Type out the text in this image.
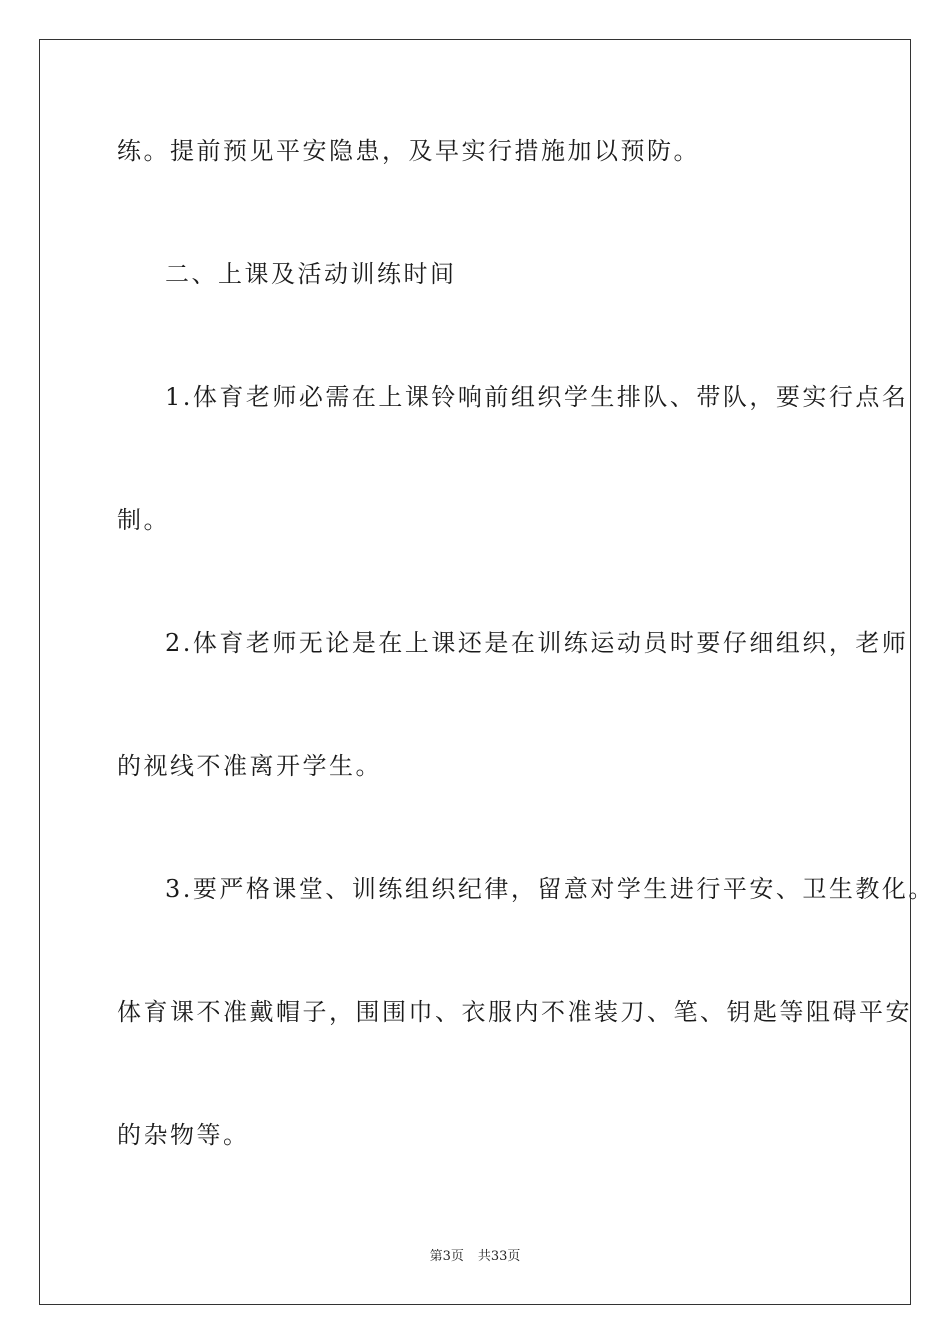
练。提前预见平安隐患，及早实行措施加以预防。
二、上课及活动训练时间
1.体育老师必需在上课铃响前组织学生排队、带队，要实行点名
制。
2.体育老师无论是在上课还是在训练运动员时要仔细组织，老师
的视线不准离开学生。
3.要严格课堂、训练组织纪律，留意对学生进行平安、卫生教化。
体育课不准戴帽子，围围巾、衣服内不准装刀、笔、钥匙等阻碍平安
的杂物等。
第3页 共33页
